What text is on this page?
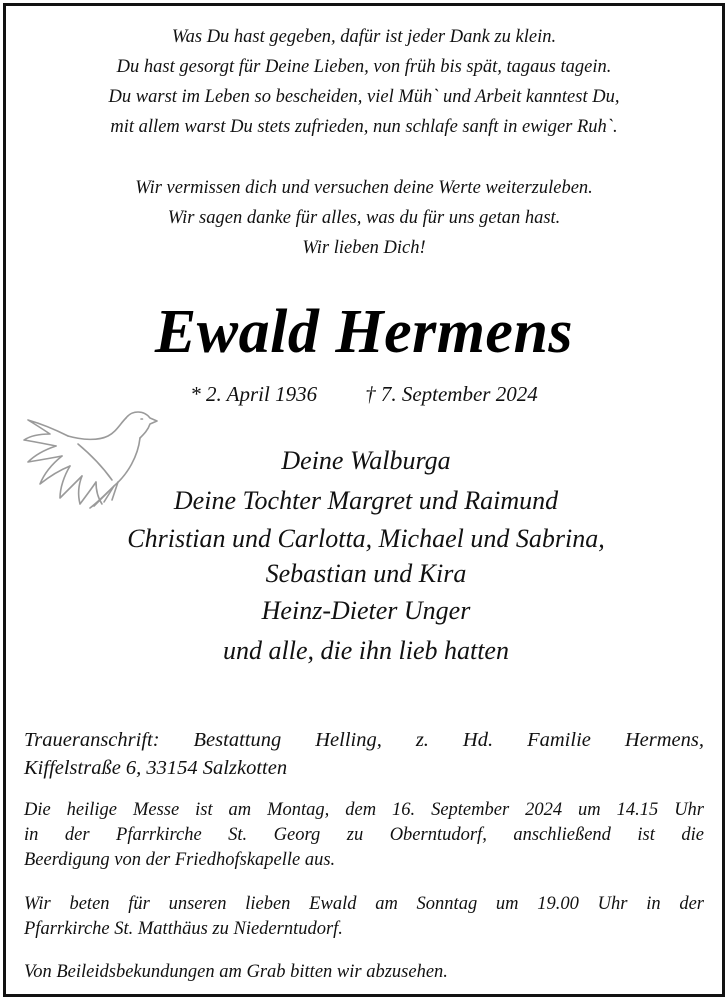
Was Du hast gegeben, dafür ist jeder Dank zu klein.
Du hast gesorgt für Deine Lieben, von früh bis spät, tagaus tagein.
Du warst im Leben so bescheiden, viel Müh` und Arbeit kanntest Du,
mit allem warst Du stets zufrieden, nun schlafe sanft in ewiger Ruh`.
Wir vermissen dich und versuchen deine Werte weiterzuleben.
Wir sagen danke für alles, was du für uns getan hast.
Wir lieben Dich!
Ewald Hermens
* 2. April 1936 † 7. September 2024
Deine Walburga
Deine Tochter Margret und Raimund
Christian und Carlotta, Michael und Sabrina,
Sebastian und Kira
Heinz-Dieter Unger
und alle, die ihn lieb hatten
Traueranschrift: Bestattung Helling, z. Hd. Familie Hermens,
Kiffelstraße 6, 33154 Salzkotten
Die heilige Messe ist am Montag, dem 16. September 2024 um 14.15 Uhr
in der Pfarrkirche St. Georg zu Oberntudorf, anschließend ist die
Beerdigung von der Friedhofskapelle aus.
Wir beten für unseren lieben Ewald am Sonntag um 19.00 Uhr in der
Pfarrkirche St. Matthäus zu Niederntudorf.
Von Beileidsbekundungen am Grab bitten wir abzusehen.
